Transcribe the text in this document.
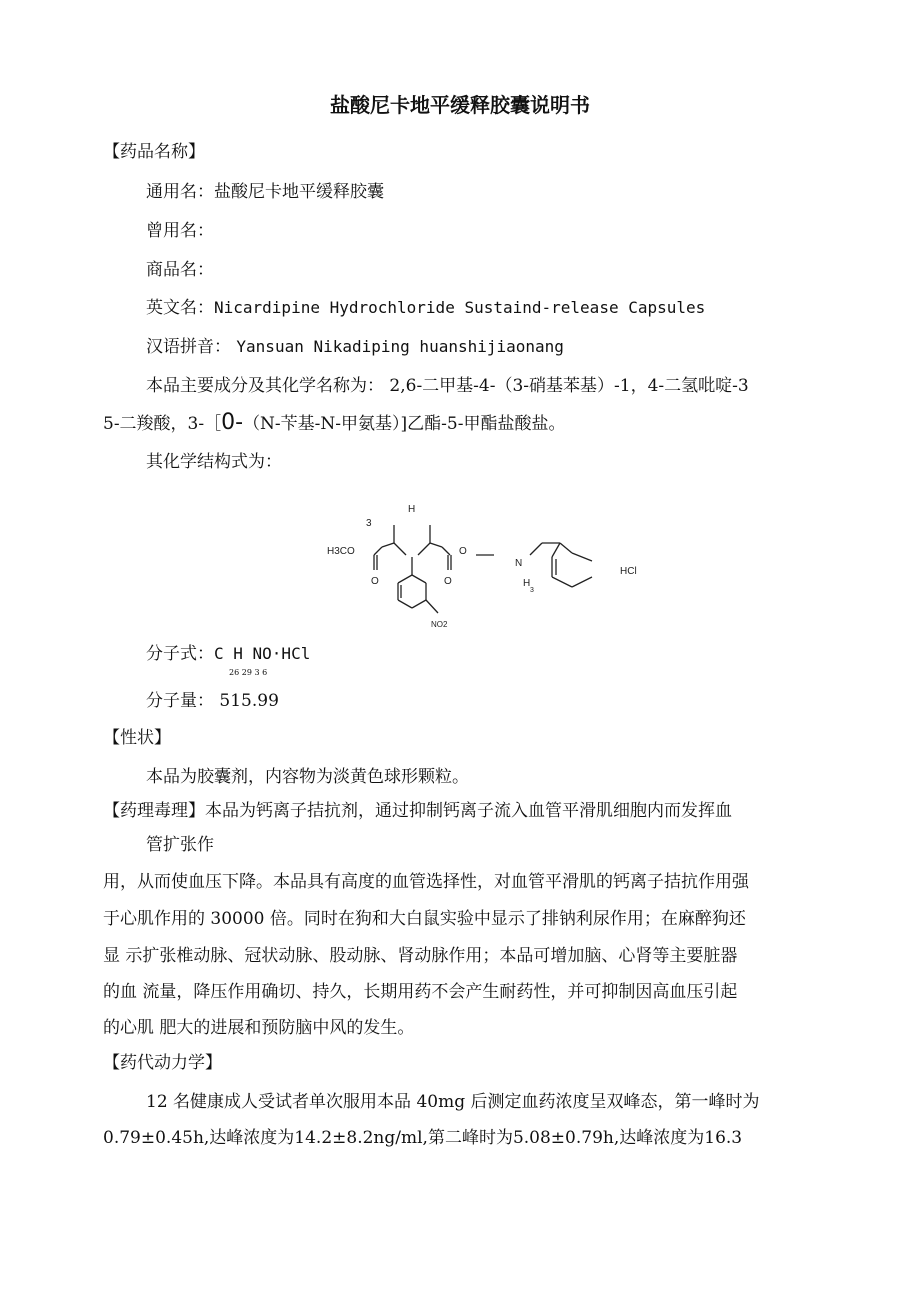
盐酸尼卡地平缓释胶囊说明书
【药品名称】
通用名：盐酸尼卡地平缓释胶囊
曾用名：
商品名：
英文名：Nicardipine Hydrochloride Sustaind-release Capsules
汉语拼音： Yansuan Nikadiping huanshijiaonang
本品主要成分及其化学名称为： 2,6-二甲基-4-（3-硝基苯基）-1，4-二氢吡啶-3
5-二羧酸，3-［0-（N-苄基-N-甲氨基）]乙酯-5-甲酯盐酸盐。
其化学结构式为：
3
H3CO
O	O
O
NO2
HCl
N
H
3
H
分子式：C H NO·HCl
26 29 3 6
分子量： 515.99
【性状】
本品为胶囊剂，内容物为淡黄色球形颗粒。
【药理毒理】本品为钙离子拮抗剂，通过抑制钙离子流入血管平滑肌细胞内而发挥血
管扩张作
用，从而使血压下降。本品具有高度的血管选择性，对血管平滑肌的钙离子拮抗作用强
于心肌作用的 30000 倍。同时在狗和大白鼠实验中显示了排钠利尿作用；在麻醉狗还
显 示扩张椎动脉、冠状动脉、股动脉、肾动脉作用；本品可增加脑、心肾等主要脏器
的血 流量，降压作用确切、持久，长期用药不会产生耐药性，并可抑制因高血压引起
的心肌 肥大的进展和预防脑中风的发生。
【药代动力学】
12 名健康成人受试者单次服用本品 40mg 后测定血药浓度呈双峰态，第一峰时为
0.79±0.45h,达峰浓度为14.2±8.2ng/ml,第二峰时为5.08±0.79h,达峰浓度为16.3
